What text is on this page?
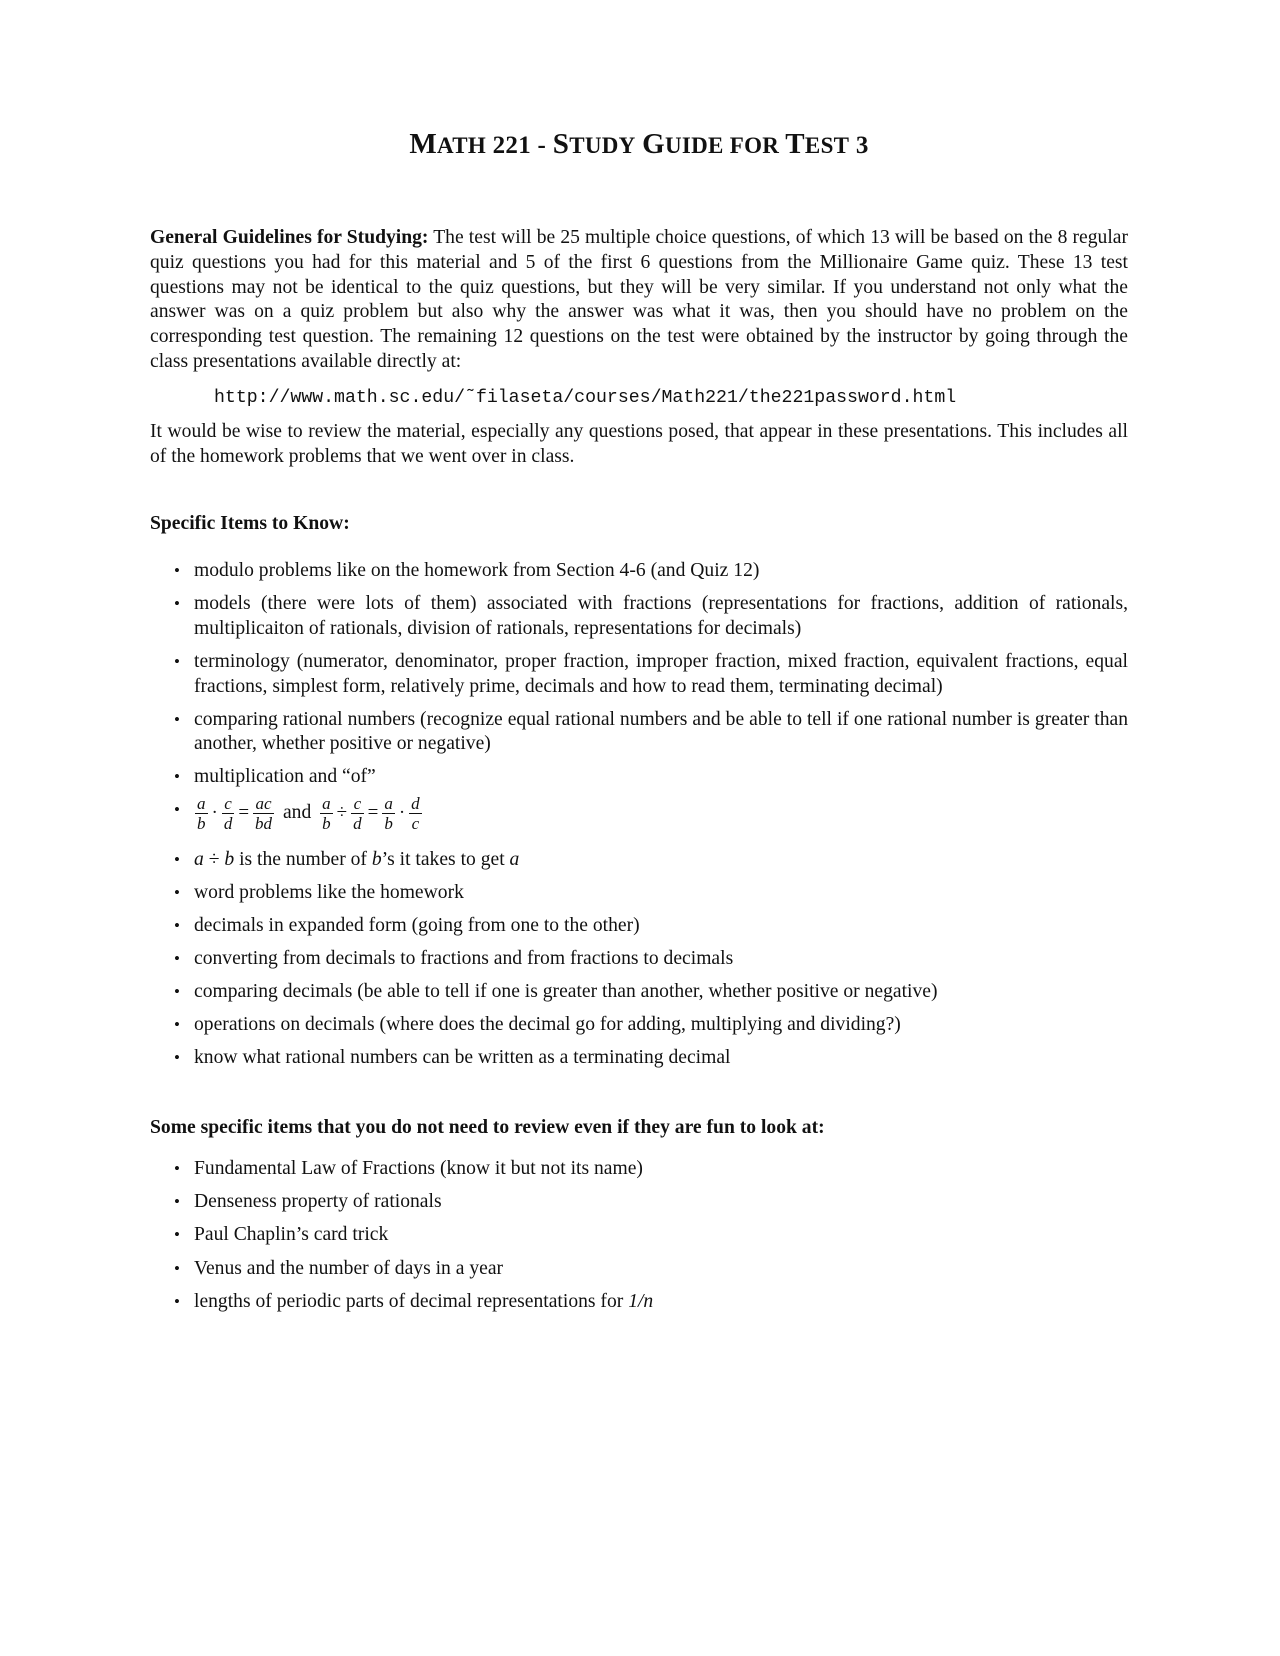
MATH 221 - STUDY GUIDE FOR TEST 3

General Guidelines for Studying: The test will be 25 multiple choice questions, of which 13 will be based on the 8 regular quiz questions you had for this material and 5 of the first 6 questions from the Millionaire Game quiz. These 13 test questions may not be identical to the quiz questions, but they will be very similar. If you understand not only what the answer was on a quiz problem but also why the answer was what it was, then you should have no problem on the corresponding test question. The remaining 12 questions on the test were obtained by the instructor by going through the class presentations available directly at:

http://www.math.sc.edu/˜filaseta/courses/Math221/the221password.html

It would be wise to review the material, especially any questions posed, that appear in these presentations. This includes all of the homework problems that we went over in class.

Specific Items to Know:
• modulo problems like on the homework from Section 4-6 (and Quiz 12)
• models (there were lots of them) associated with fractions (representations for fractions, addition of rationals, multiplicaiton of rationals, division of rationals, representations for decimals)
• terminology (numerator, denominator, proper fraction, improper fraction, mixed fraction, equivalent fractions, equal fractions, simplest form, relatively prime, decimals and how to read them, terminating decimal)
• comparing rational numbers (recognize equal rational numbers and be able to tell if one rational number is greater than another, whether positive or negative)
• multiplication and “of”
• $\frac{a}{b} \cdot \frac{c}{d} = \frac{ac}{bd}$ and $\frac{a}{b} \div \frac{c}{d} = \frac{a}{b} \cdot \frac{d}{c}$
• a ÷ b is the number of b’s it takes to get a
• word problems like the homework
• decimals in expanded form (going from one to the other)
• converting from decimals to fractions and from fractions to decimals
• comparing decimals (be able to tell if one is greater than another, whether positive or negative)
• operations on decimals (where does the decimal go for adding, multiplying and dividing?)
• know what rational numbers can be written as a terminating decimal
Some specific items that you do not need to review even if they are fun to look at:
• Fundamental Law of Fractions (know it but not its name)
• Denseness property of rationals
• Paul Chaplin’s card trick
• Venus and the number of days in a year
• lengths of periodic parts of decimal representations for 1/n
